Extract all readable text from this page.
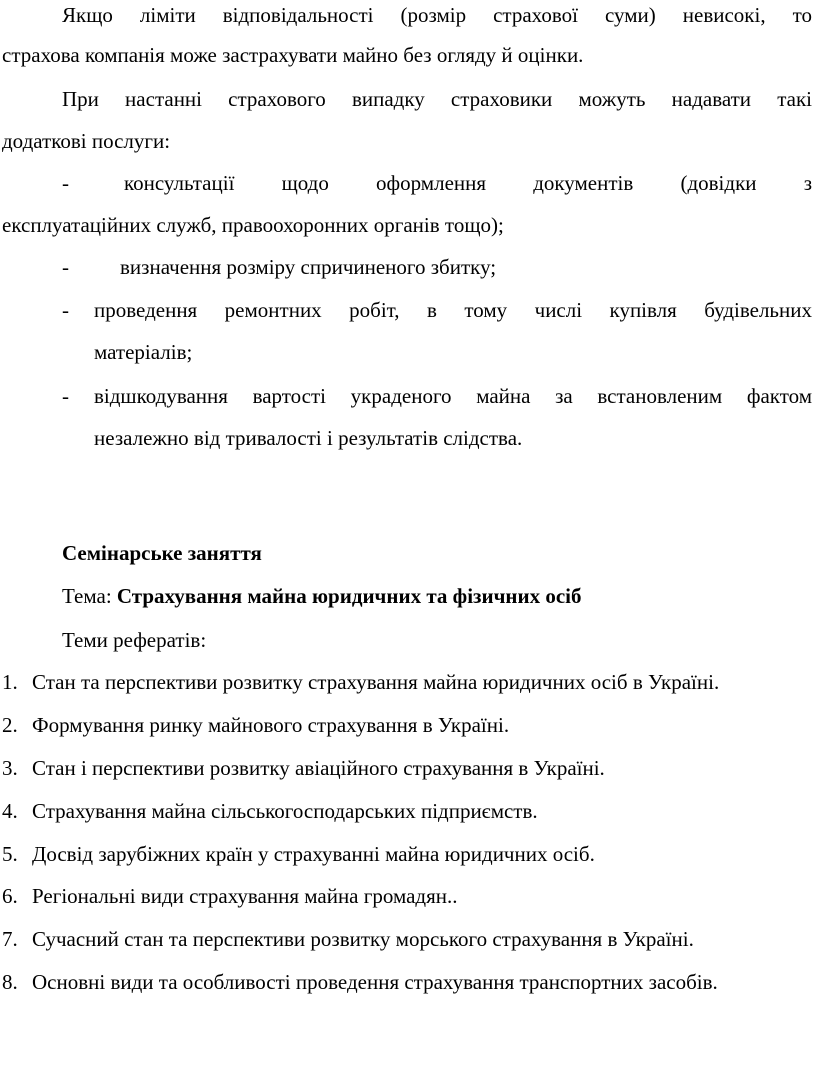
Якщо ліміти відповідальності (розмір страхової суми) невисокі, то
страхова компанія може застрахувати майно без огляду й оцінки.
При настанні страхового випадку страховики можуть надавати такі
додаткові послуги:
-	консультації щодо оформлення документів (довідки з
експлуатаційних служб, правоохоронних органів тощо);
- визначення розміру спричиненого збитку;
- проведення ремонтних робіт, в тому числі купівля будівельних
матеріалів;
- відшкодування вартості украденого майна за встановленим фактом
незалежно від тривалості і результатів слідства.
Семінарське заняття
Тема: Страхування майна юридичних та фізичних осіб
Теми рефератів:
1. Стан та перспективи розвитку страхування майна юридичних осіб в Україні.
2. Формування ринку майнового страхування в Україні.
3. Стан і перспективи розвитку авіаційного страхування в Україні.
4. Страхування майна сільськогосподарських підприємств.
5. Досвід зарубіжних країн у страхуванні майна юридичних осіб.
6. Регіональні види страхування майна громадян..
7. Сучасний стан та перспективи розвитку морського страхування в Україні.
8. Основні види та особливості проведення страхування транспортних засобів.
